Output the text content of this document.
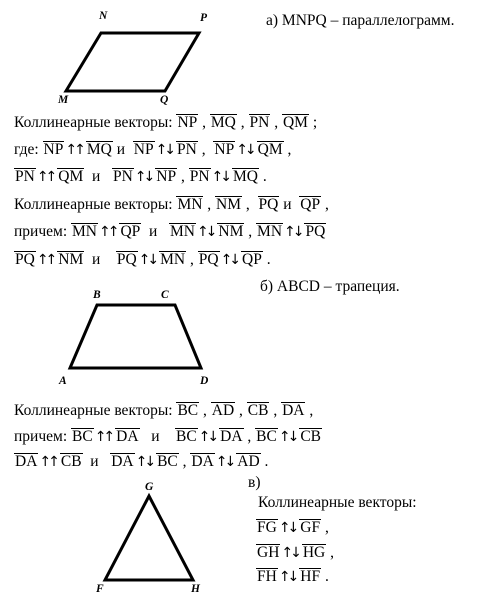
N	P
M	Q
а) MNPQ – параллелограмм.
B	C
A	D
б) ABCD – трапеция.
G
F	H
в)
Коллинеарные векторы: NP , MQ , PN , QM ;
где: NP ↑↑ MQ и  NP ↑↓ PN ,  NP ↑↓ QM ,
PN ↑↑ QM  и   PN ↑↓ NP , PN ↑↓ MQ .
Коллинеарные векторы: MN , NM ,  PQ и  QP ,
причем: MN ↑↑ QP  и   MN ↑↓ NM , MN ↑↓ PQ
PQ ↑↑ NM  и    PQ ↑↓ MN , PQ ↑↓ QP .
Коллинеарные векторы: BC , AD , CB , DA ,
причем: BC ↑↑ DA   и    BC ↑↓ DA , BC ↑↓ CB
DA ↑↑ CB  и   DA ↑↓ BC , DA ↑↓ AD .
Коллинеарные векторы:
FG ↑↓ GF ,
GH ↑↓ HG ,
FH ↑↓ HF .
